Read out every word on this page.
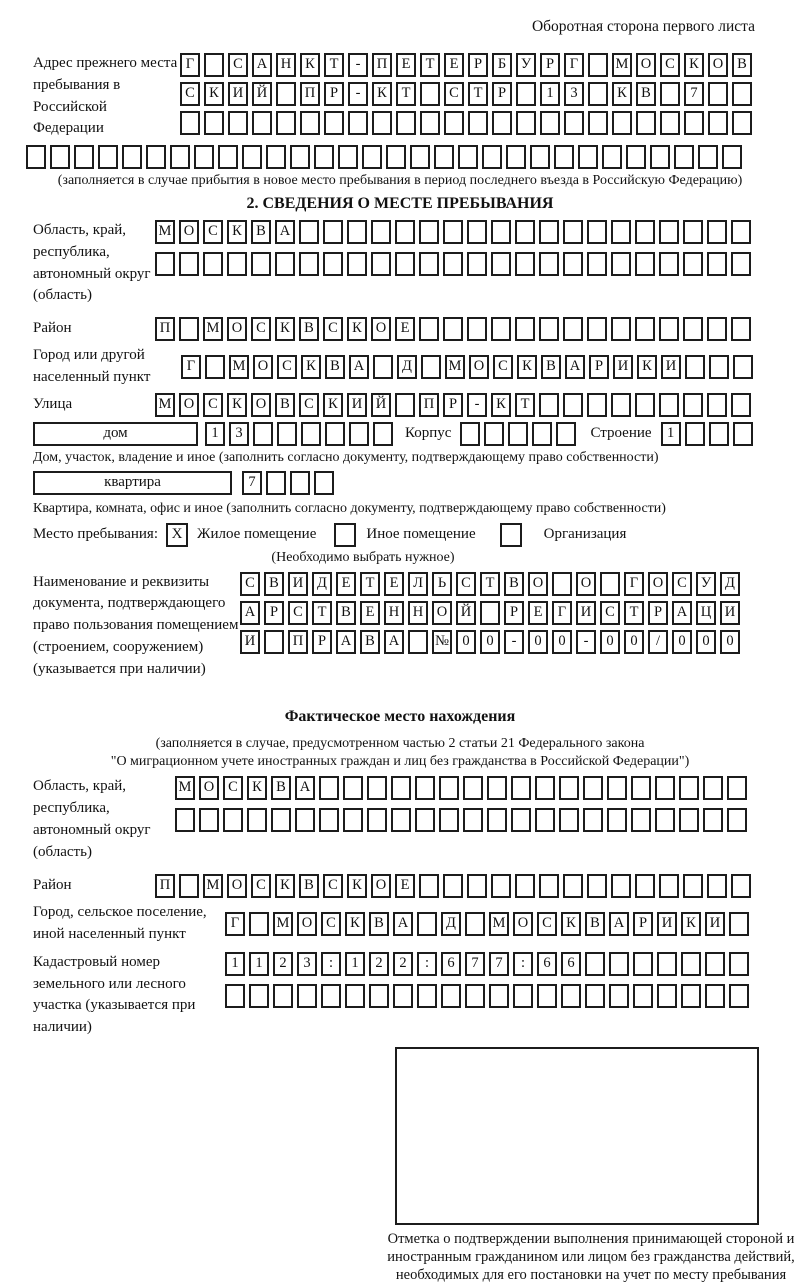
Оборотная сторона первого листа
Адрес прежнего места пребывания в Российской Федерации
Г	С А Н К	Т	-	П Е	Т	Е	Р	Б	У	Р	Г	М О С К О В
С К И Й	П	Р	-	К	Т	С	Т	Р	1	3	К В	7
(заполняется в случае прибытия в новое место пребывания в период последнего въезда в Российскую Федерацию)
2. СВЕДЕНИЯ О МЕСТЕ ПРЕБЫВАНИЯ
Область, край, республика, автономный округ (область)
М О С К В А
Район	П	М О С К В С К О Е
Город или другой населенный пункт
Г	М О С К В А	Д	М О С К В А	Р	И К И
Улица	М О С К О В С К И Й	П	Р	-	К	Т
дом	1	3	Корпус	Строение	1
Дом, участок, владение и иное (заполнить согласно документу, подтверждающему право собственности)
квартира	7
Квартира, комната, офис и иное (заполнить согласно документу, подтверждающему право собственности)
Место пребывания: X Жилое помещение	Иное помещение	Организация
(Необходимо выбрать нужное)
Наименование и реквизиты документа, подтверждающего право пользования помещением (строением, сооружением) (указывается при наличии)
С В И Д	Е	Т	Е	Л	Ь	С	Т	В О	О	Г	О С У Д
А	Р	С	Т	В	Е Н Н О Й	Р	Е	Г	И С	Т	Р	А Ц И
И	П	Р	А В А	№ 0	0	-	0	0	-	0	0	/	0	0	0
Фактическое место нахождения
(заполняется в случае, предусмотренном частью 2 статьи 21 Федерального закона
"О миграционном учете иностранных граждан и лиц без гражданства в Российской Федерации")
Область, край, республика, автономный округ (область)
М О С К В А
Район	П	М О С К В С К О Е
Город, сельское поселение, иной населенный пункт
Г	М О С К В А	Д	М О С К В А	Р	И К И
Кадастровый номер земельного или лесного участка (указывается при наличии)
1	1	2	3	:	1	2	2	:	6	7	7	:	6	6
Отметка о подтверждении выполнения принимающей стороной и иностранным гражданином или лицом без гражданства действий, необходимых для его постановки на учет по месту пребывания
